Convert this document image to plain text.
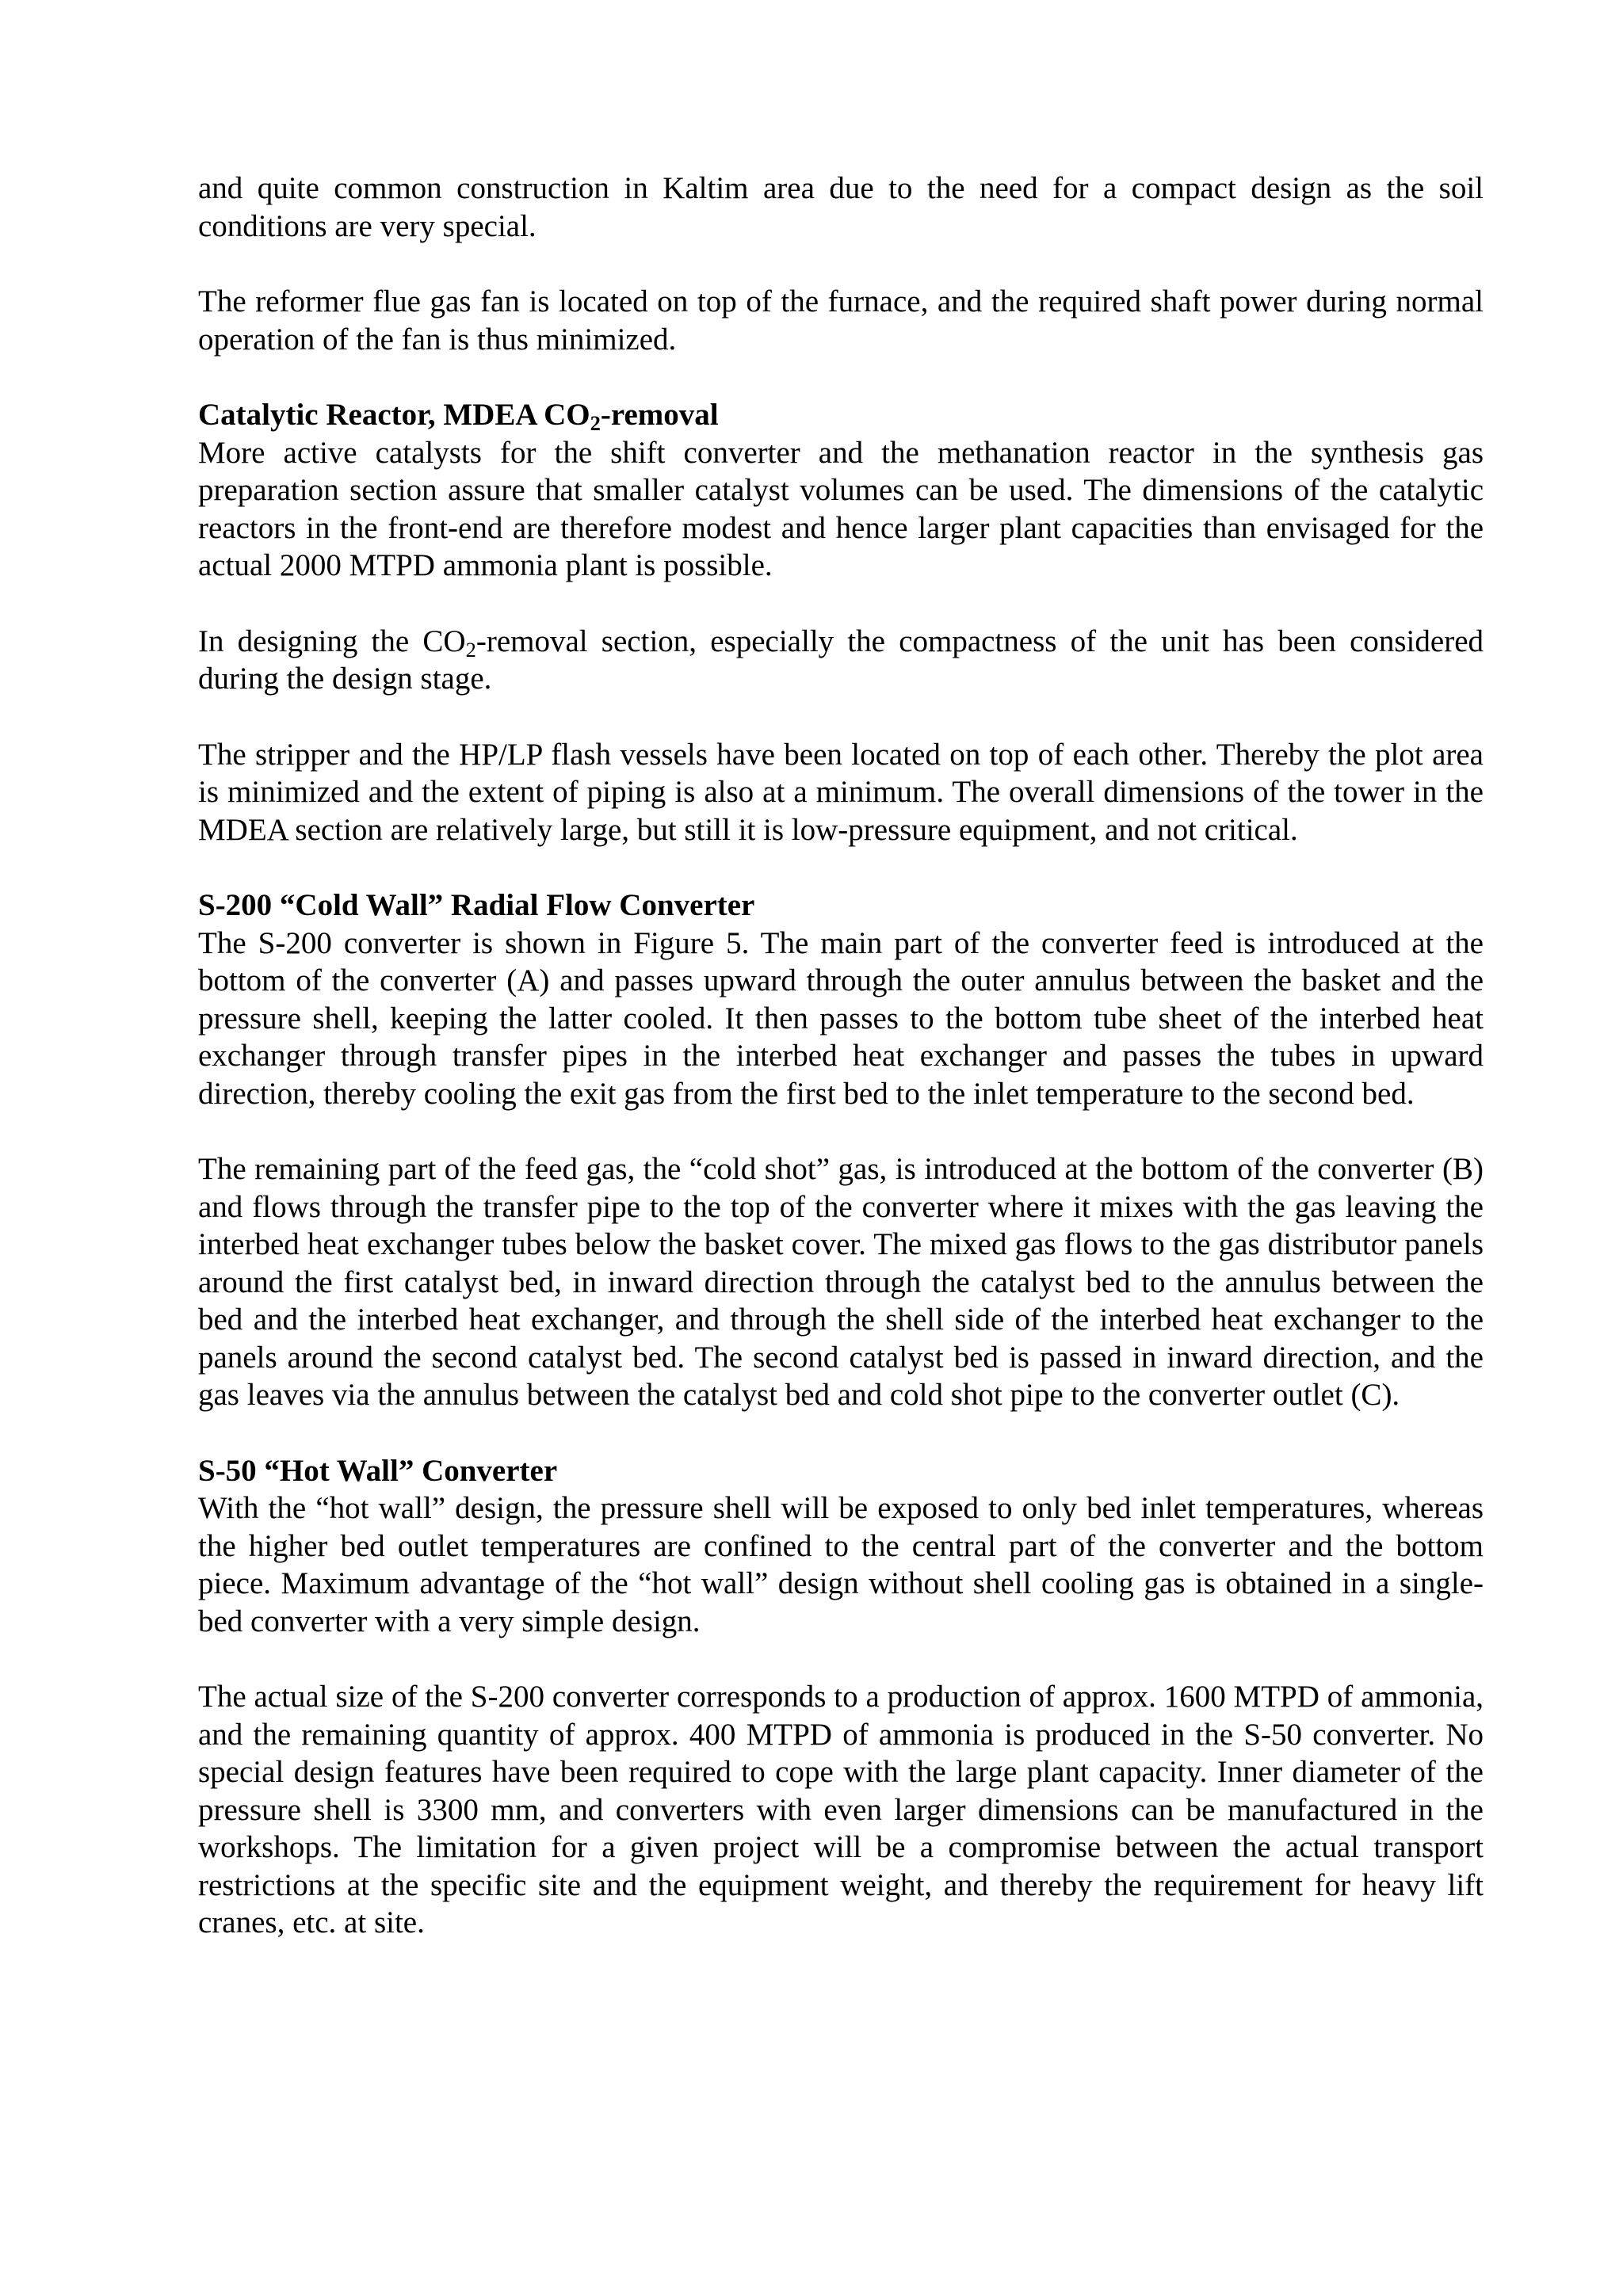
and quite common construction in Kaltim area due to the need for a compact design as the soil conditions are very special.

The reformer flue gas fan is located on top of the furnace, and the required shaft power during normal operation of the fan is thus minimized.

Catalytic Reactor, MDEA $CO_2$-removal

More active catalysts for the shift converter and the methanation reactor in the synthesis gas preparation section assure that smaller catalyst volumes can be used. The dimensions of the catalytic reactors in the front-end are therefore modest and hence larger plant capacities than envisaged for the actual 2000 MTPD ammonia plant is possible.

In designing the $CO_2$-removal section, especially the compactness of the unit has been considered during the design stage.

The stripper and the HP/LP flash vessels have been located on top of each other. Thereby the plot area is minimized and the extent of piping is also at a minimum. The overall dimensions of the tower in the MDEA section are relatively large, but still it is low-pressure equipment, and not critical.

S-200 “Cold Wall” Radial Flow Converter

The S-200 converter is shown in Figure 5. The main part of the converter feed is introduced at the bottom of the converter (A) and passes upward through the outer annulus between the basket and the pressure shell, keeping the latter cooled. It then passes to the bottom tube sheet of the interbed heat exchanger through transfer pipes in the interbed heat exchanger and passes the tubes in upward direction, thereby cooling the exit gas from the first bed to the inlet temperature to the second bed.

The remaining part of the feed gas, the “cold shot” gas, is introduced at the bottom of the converter (B) and flows through the transfer pipe to the top of the converter where it mixes with the gas leaving the interbed heat exchanger tubes below the basket cover. The mixed gas flows to the gas distributor panels around the first catalyst bed, in inward direction through the catalyst bed to the annulus between the bed and the interbed heat exchanger, and through the shell side of the interbed heat exchanger to the panels around the second catalyst bed. The second catalyst bed is passed in inward direction, and the gas leaves via the annulus between the catalyst bed and cold shot pipe to the converter outlet (C).

S-50 “Hot Wall” Converter

With the “hot wall” design, the pressure shell will be exposed to only bed inlet temperatures, whereas the higher bed outlet temperatures are confined to the central part of the converter and the bottom piece. Maximum advantage of the “hot wall” design without shell cooling gas is obtained in a single-bed converter with a very simple design.

The actual size of the S-200 converter corresponds to a production of approx. 1600 MTPD of ammonia, and the remaining quantity of approx. 400 MTPD of ammonia is produced in the S-50 converter. No special design features have been required to cope with the large plant capacity. Inner diameter of the pressure shell is 3300 mm, and converters with even larger dimensions can be manufactured in the workshops. The limitation for a given project will be a compromise between the actual transport restrictions at the specific site and the equipment weight, and thereby the requirement for heavy lift cranes, etc. at site.
